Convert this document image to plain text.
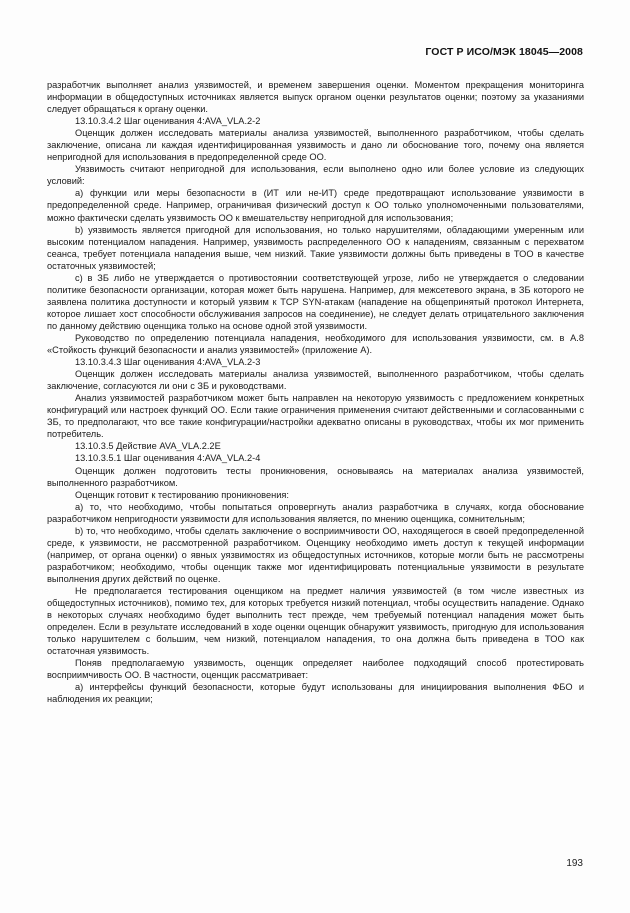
ГОСТ Р ИСО/МЭК 18045—2008

разработчик выполняет анализ уязвимостей, и временем завершения оценки. Моментом прекращения мониторинга информации в общедоступных источниках является выпуск органом оценки результатов оценки; поэтому за указаниями следует обращаться к органу оценки.

13.10.3.4.2 Шаг оценивания 4:AVA_VLA.2-2

Оценщик должен исследовать материалы анализа уязвимостей, выполненного разработчиком, чтобы сделать заключение, описана ли каждая идентифицированная уязвимость и дано ли обоснование того, почему она является непригодной для использования в предопределенной среде ОО.

Уязвимость считают непригодной для использования, если выполнено одно или более условие из следующих условий:

a) функции или меры безопасности в (ИТ или не-ИТ) среде предотвращают использование уязвимости в предопределенной среде. Например, ограничивая физический доступ к ОО только уполномоченными пользователями, можно фактически сделать уязвимость ОО к вмешательству непригодной для использования;

b) уязвимость является пригодной для использования, но только нарушителями, обладающими умеренным или высоким потенциалом нападения. Например, уязвимость распределенного ОО к нападениям, связанным с перехватом сеанса, требует потенциала нападения выше, чем низкий. Такие уязвимости должны быть приведены в ТОО в качестве остаточных уязвимостей;

c) в ЗБ либо не утверждается о противостоянии соответствующей угрозе, либо не утверждается о следовании политике безопасности организации, которая может быть нарушена. Например, для межсетевого экрана, в ЗБ которого не заявлена политика доступности и который уязвим к TCP SYN-атакам (нападение на общепринятый протокол Интернета, которое лишает хост способности обслуживания запросов на соединение), не следует делать отрицательного заключения по данному действию оценщика только на основе одной этой уязвимости.

Руководство по определению потенциала нападения, необходимого для использования уязвимости, см. в А.8 «Стойкость функций безопасности и анализ уязвимостей» (приложение А).

13.10.3.4.3 Шаг оценивания 4:AVA_VLA.2-3

Оценщик должен исследовать материалы анализа уязвимостей, выполненного разработчиком, чтобы сделать заключение, согласуются ли они с ЗБ и руководствами.

Анализ уязвимостей разработчиком может быть направлен на некоторую уязвимость с предложением конкретных конфигураций или настроек функций ОО. Если такие ограничения применения считают действенными и согласованными с ЗБ, то предполагают, что все такие конфигурации/настройки адекватно описаны в руководствах, чтобы их мог применить потребитель.

13.10.3.5 Действие AVA_VLA.2.2E

13.10.3.5.1 Шаг оценивания 4:AVA_VLA.2-4

Оценщик должен подготовить тесты проникновения, основываясь на материалах анализа уязвимостей, выполненного разработчиком.

Оценщик готовит к тестированию проникновения:

a) то, что необходимо, чтобы попытаться опровергнуть анализ разработчика в случаях, когда обоснование разработчиком непригодности уязвимости для использования является, по мнению оценщика, сомнительным;

b) то, что необходимо, чтобы сделать заключение о восприимчивости ОО, находящегося в своей предопределенной среде, к уязвимости, не рассмотренной разработчиком. Оценщику необходимо иметь доступ к текущей информации (например, от органа оценки) о явных уязвимостях из общедоступных источников, которые могли быть не рассмотрены разработчиком; необходимо, чтобы оценщик также мог идентифицировать потенциальные уязвимости в результате выполнения других действий по оценке.

Не предполагается тестирования оценщиком на предмет наличия уязвимостей (в том числе известных из общедоступных источников), помимо тех, для которых требуется низкий потенциал, чтобы осуществить нападение. Однако в некоторых случаях необходимо будет выполнить тест прежде, чем требуемый потенциал нападения может быть определен. Если в результате исследований в ходе оценки оценщик обнаружит уязвимость, пригодную для использования только нарушителем с большим, чем низкий, потенциалом нападения, то она должна быть приведена в ТОО как остаточная уязвимость.

Поняв предполагаемую уязвимость, оценщик определяет наиболее подходящий способ протестировать восприимчивость ОО. В частности, оценщик рассматривает:

a) интерфейсы функций безопасности, которые будут использованы для инициирования выполнения ФБО и наблюдения их реакции;

193
